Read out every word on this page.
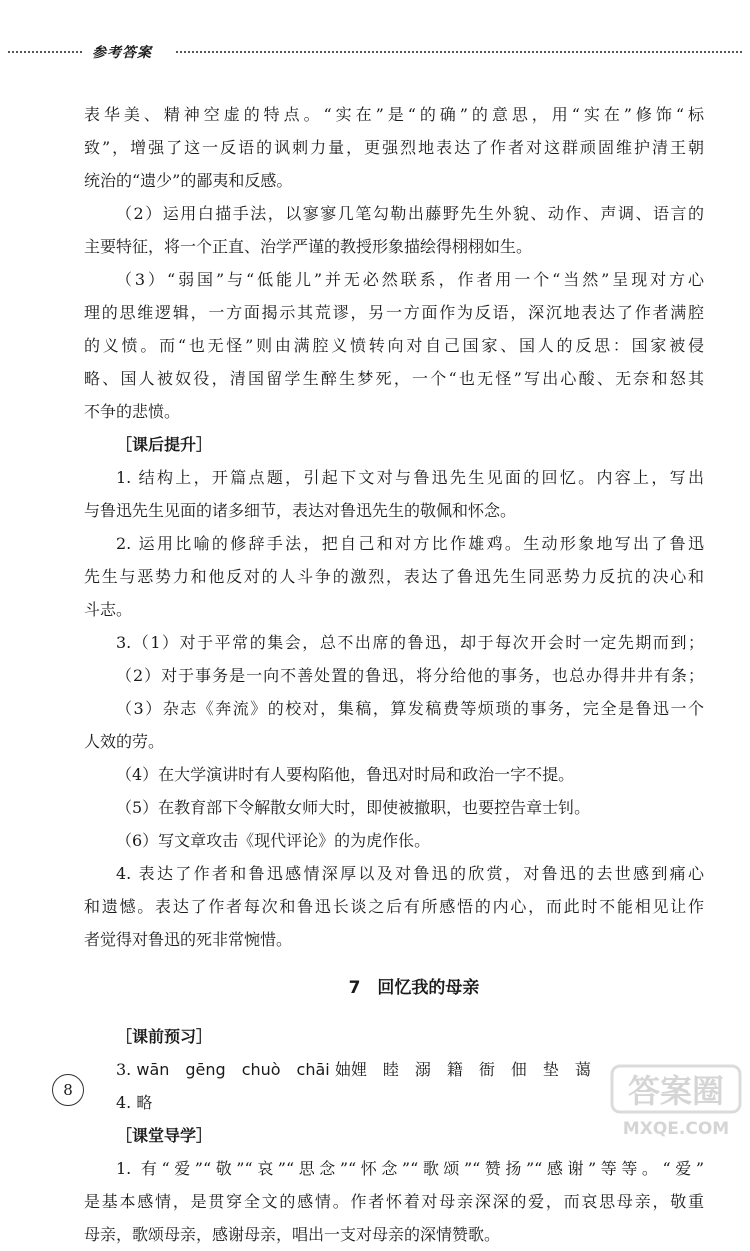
参考答案
表华美、精神空虚的特点。“实在”是“的确”的意思，用“实在”修饰“标
致”，增强了这一反语的讽刺力量，更强烈地表达了作者对这群顽固维护清王朝
统治的“遗少”的鄙夷和反感。
（2）运用白描手法，以寥寥几笔勾勒出藤野先生外貌、动作、声调、语言的
主要特征，将一个正直、治学严谨的教授形象描绘得栩栩如生。
（3）“弱国”与“低能儿”并无必然联系，作者用一个“当然”呈现对方心
理的思维逻辑，一方面揭示其荒谬，另一方面作为反语，深沉地表达了作者满腔
的义愤。而“也无怪”则由满腔义愤转向对自己国家、国人的反思：国家被侵
略、国人被奴役，清国留学生醉生梦死，一个“也无怪”写出心酸、无奈和怒其
不争的悲愤。
［课后提升］
1. 结构上，开篇点题，引起下文对与鲁迅先生见面的回忆。内容上，写出
与鲁迅先生见面的诸多细节，表达对鲁迅先生的敬佩和怀念。
2. 运用比喻的修辞手法，把自己和对方比作雄鸡。生动形象地写出了鲁迅
先生与恶势力和他反对的人斗争的激烈，表达了鲁迅先生同恶势力反抗的决心和
斗志。
3.（1）对于平常的集会，总不出席的鲁迅，却于每次开会时一定先期而到；
（2）对于事务是一向不善处置的鲁迅，将分给他的事务，也总办得井井有条；
（3）杂志《奔流》的校对，集稿，算发稿费等烦琐的事务，完全是鲁迅一个
人效的劳。
（4）在大学演讲时有人要构陷他，鲁迅对时局和政治一字不提。
（5）在教育部下令解散女师大时，即使被撤职，也要控告章士钊。
（6）写文章攻击《现代评论》的为虎作伥。
4. 表达了作者和鲁迅感情深厚以及对鲁迅的欣赏，对鲁迅的去世感到痛心
和遗憾。表达了作者每次和鲁迅长谈之后有所感悟的内心，而此时不能相见让作
者觉得对鲁迅的死非常惋惜。
7　回忆我的母亲
［课前预习］
3. wān　gēng　chuò　chāi 妯娌　睦　溺　籍　衙　佃　垫　蔼
4. 略
［课堂导学］
1. 有“爱”“敬”“哀”“思念”“怀念”“歌颂”“赞扬”“感谢”等等。“爱”
是基本感情，是贯穿全文的感情。作者怀着对母亲深深的爱，而哀思母亲，敬重
母亲，歌颂母亲，感谢母亲，唱出一支对母亲的深情赞歌。
8	答案圈
MXQE.COM
